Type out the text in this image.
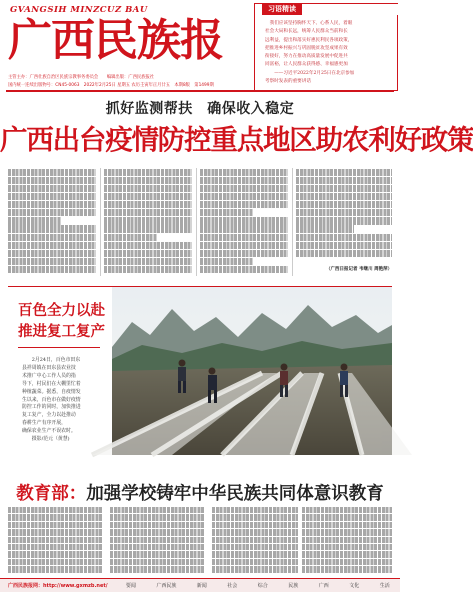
GVANGSIH MINZCUZ BAU
广西民族报
主管主办：广西壮族自治区民族宗教事务委员会　　编辑出版：广西民族报社
国内统一连续出版物号：CN45-0063　2022年2月25日 星期五 农历壬寅年正月廿五　本期8版　第1499期
习语精读
　我们应该坚持胸怀天下、心系人民，着眼
社会大局和长远，统筹人民群众当前和长
远利益，提出和落实好惠民利民各项政策，
把推进乡村振兴与巩固脱贫攻坚成果有效
衔接好，努力在推动高质量发展中促进共
同富裕，让人民群众获得感、幸福感更加
　　——习近平2022年2月25日在北京参加
考察时发表的重要讲话
抓好监测帮扶　确保收入稳定
广西出台疫情防控重点地区助农利好政策
（广西日报记者 韦继川 周艳萍）
百色全力以赴
推进复工复产
　　2月24日，百色市田东
县祥周镇在田东县农业技
术推广中心工作人员的指
导下，村民们在大棚里忙着
种植蔬菜。据悉，自疫情发
生以来，百色市在做好疫情
防控工作的同时，加快推进
复工复产，全力以赴推动
春耕生产有序开展，
确保农业生产不误农时。
　　摄影/范元（黄慧)
教育部：加强学校铸牢中华民族共同体意识教育
广西民族报网：http://www.gxmzb.net/	要闻	广西民族	新闻	社会	综合	民族	广西	文化	生活
